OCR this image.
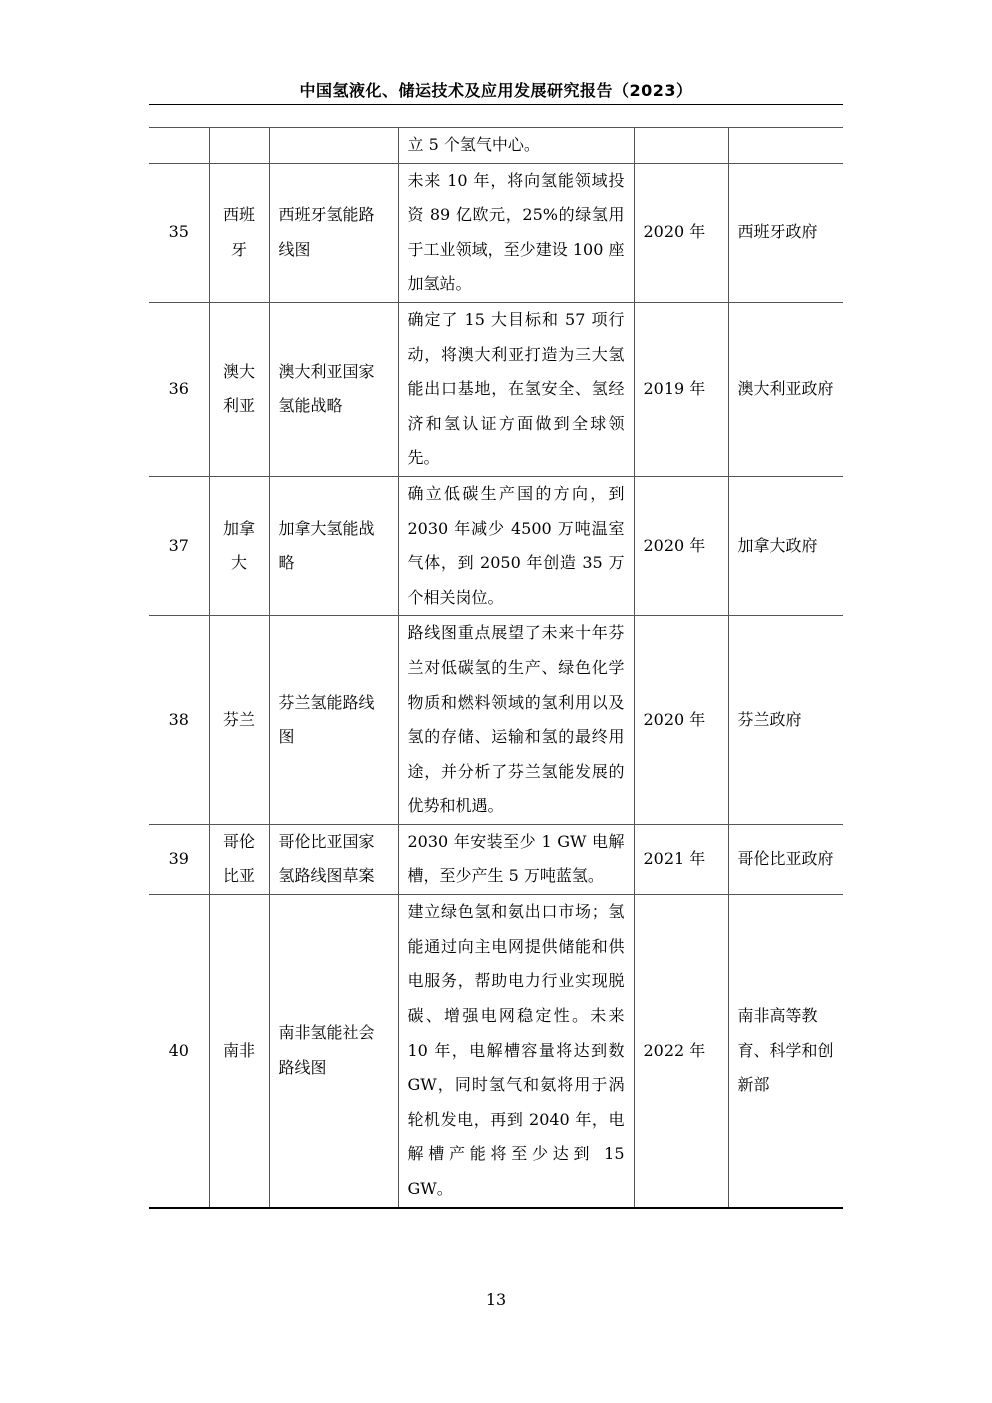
中国氢液化、储运技术及应用发展研究报告（2023）
			立 5 个氢气中心。		
35	西班牙	西班牙氢能路线图	未来 10 年，将向氢能领域投资 89 亿欧元，25%的绿氢用于工业领域，至少建设 100 座加氢站。	2020 年	西班牙政府
36	澳大利亚	澳大利亚国家氢能战略	确定了 15 大目标和 57 项行动，将澳大利亚打造为三大氢能出口基地，在氢安全、氢经济和氢认证方面做到全球领先。	2019 年	澳大利亚政府
37	加拿大	加拿大氢能战略	确立低碳生产国的方向，到 2030 年减少 4500 万吨温室气体，到 2050 年创造 35 万个相关岗位。	2020 年	加拿大政府
38	芬兰	芬兰氢能路线图	路线图重点展望了未来十年芬兰对低碳氢的生产、绿色化学物质和燃料领域的氢利用以及氢的存储、运输和氢的最终用途，并分析了芬兰氢能发展的优势和机遇。	2020 年	芬兰政府
39	哥伦比亚	哥伦比亚国家氢路线图草案	2030 年安装至少 1 GW 电解槽，至少产生 5 万吨蓝氢。	2021 年	哥伦比亚政府
40	南非	南非氢能社会路线图	建立绿色氢和氨出口市场；氢能通过向主电网提供储能和供电服务，帮助电力行业实现脱碳、增强电网稳定性。未来 10 年，电解槽容量将达到数 GW，同时氢气和氨将用于涡轮机发电，再到 2040 年，电解槽产能将至少达到 15 GW。	2022 年	南非高等教育、科学和创新部
13
